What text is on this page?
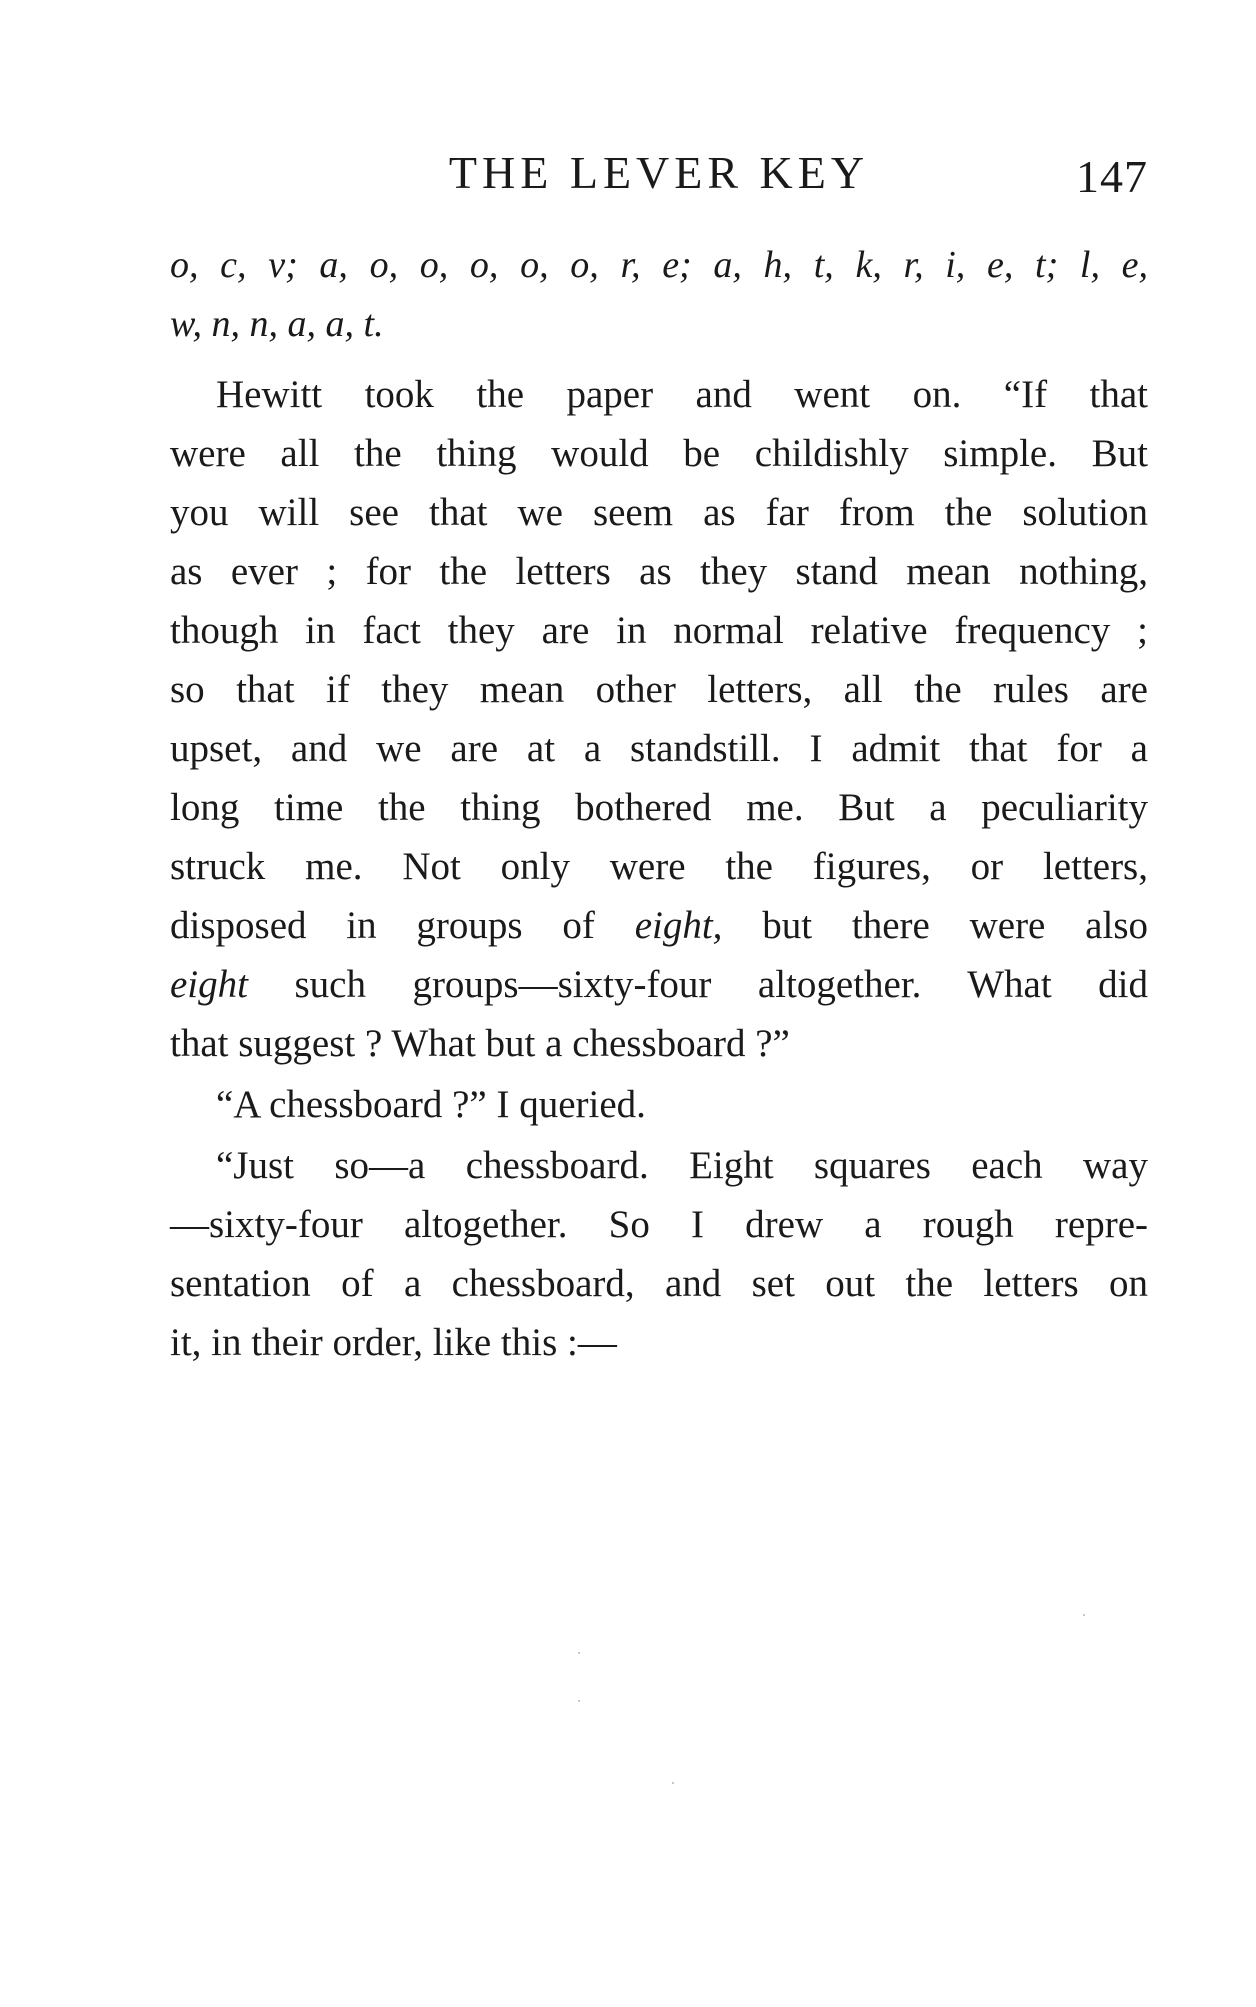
THE LEVER KEY	147
o, c, v; a, o, o, o, o, o, r, e; a, h, t, k, r, i, e, t; l, e,
w, n, n, a, a, t.
Hewitt took the paper and went on. “If that
were all the thing would be childishly simple. But
you will see that we seem as far from the solution
as ever ; for the letters as they stand mean nothing,
though in fact they are in normal relative frequency ;
so that if they mean other letters, all the rules are
upset, and we are at a standstill. I admit that for a
long time the thing bothered me. But a peculiarity
struck me. Not only were the figures, or letters,
disposed in groups of eight, but there were also
eight such groups—sixty-four altogether. What did
that suggest ? What but a chessboard ?”
“A chessboard ?” I queried.
“Just so—a chessboard. Eight squares each way
—sixty-four altogether. So I drew a rough repre-
sentation of a chessboard, and set out the letters on
it, in their order, like this :—
